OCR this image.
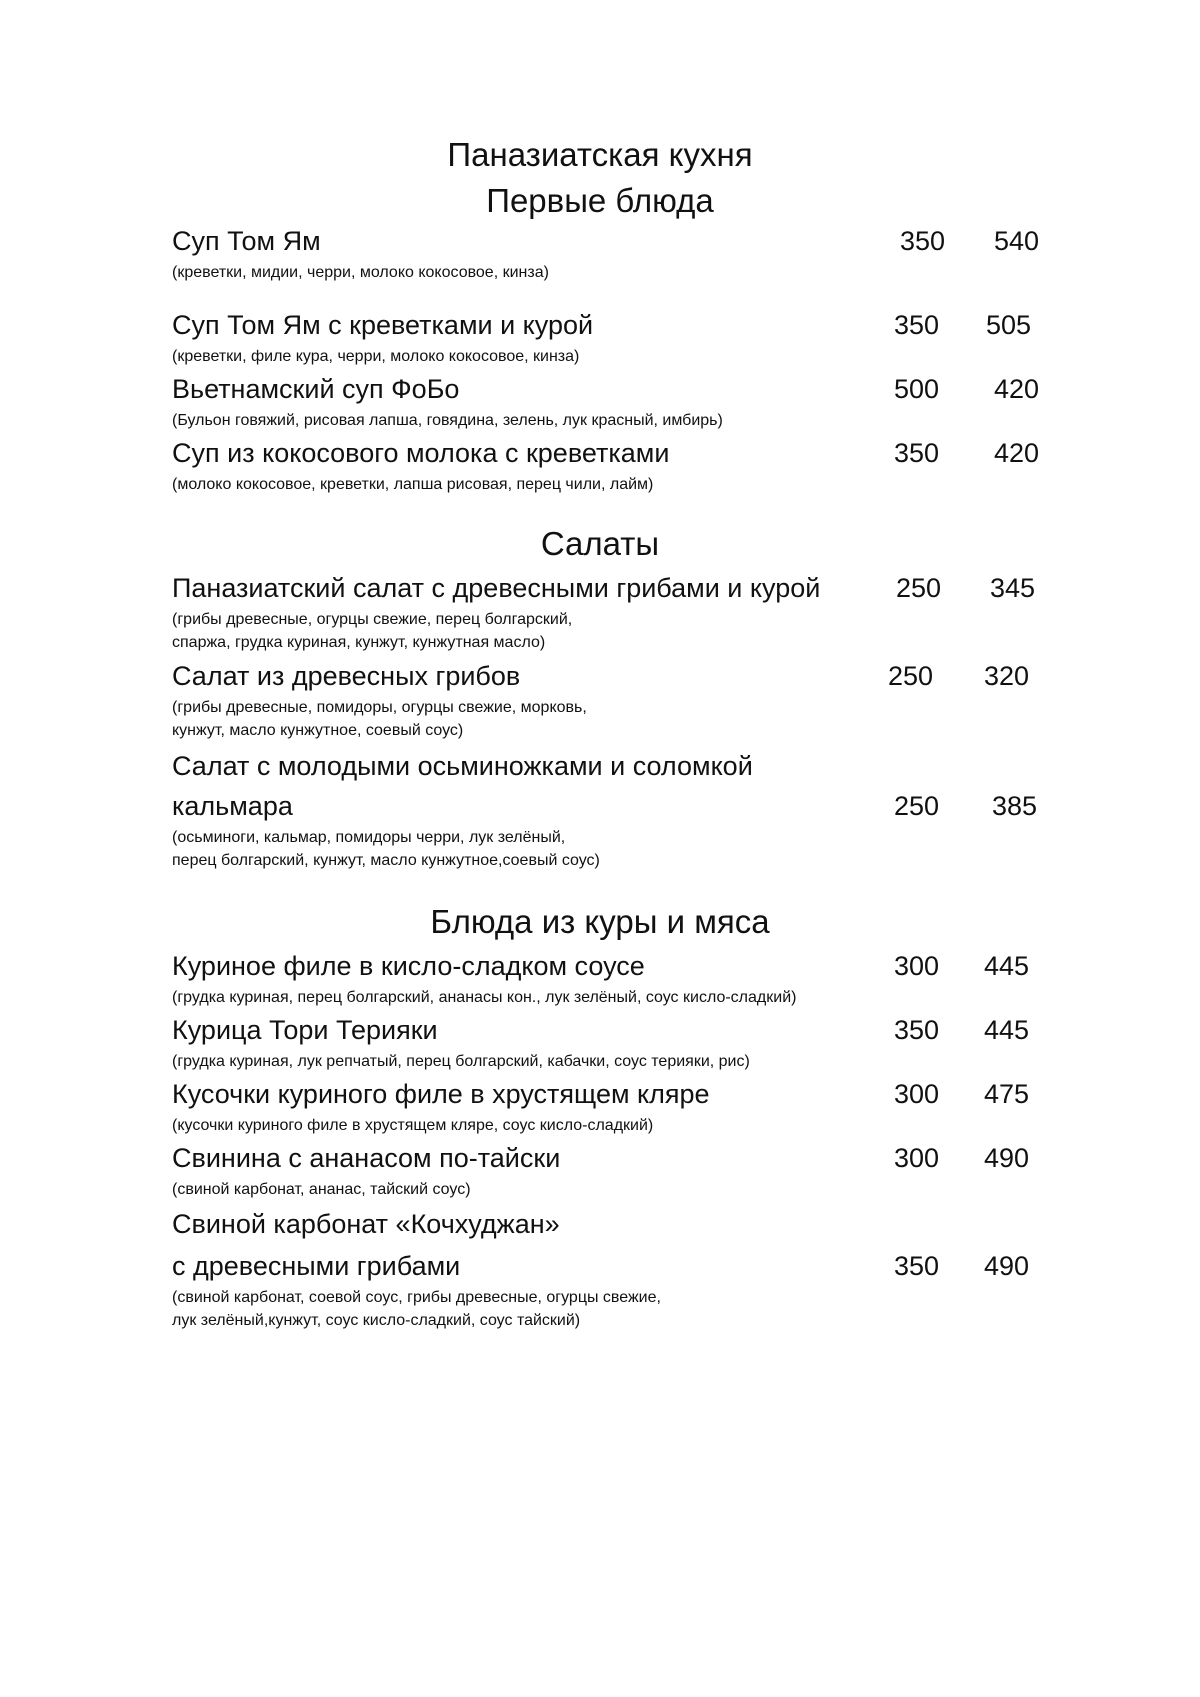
Паназиатская кухня
Первые блюда
Суп Том Ям	350 540
(креветки, мидии, черри, молоко кокосовое, кинза)
Суп Том Ям с креветками и курой	350 505
(креветки, филе кура, черри, молоко кокосовое, кинза)
Вьетнамский суп ФоБо	500 420
(Бульон говяжий, рисовая лапша, говядина, зелень, лук красный, имбирь)
Суп из кокосового молока с креветками	350 420
(молоко кокосовое, креветки, лапша рисовая, перец чили, лайм)
Салаты
Паназиатский салат с древесными грибами и курой	250 345
(грибы древесные, огурцы свежие, перец болгарский,
спаржа, грудка куриная, кунжут, кунжутная масло)
Салат из древесных грибов	250 320
(грибы древесные, помидоры, огурцы свежие, морковь,
кунжут, масло кунжутное, соевый соус)
Салат с молодыми осьминожками и соломкой
кальмара	250 385
(осьминоги, кальмар, помидоры черри, лук зелёный,
перец болгарский, кунжут, масло кунжутное,соевый соус)
Блюда из куры и мяса
Куриное филе в кисло-сладком соусе	300 445
(грудка куриная, перец болгарский, ананасы кон., лук зелёный, соус кисло-сладкий)
Курица Тори Терияки	350 445
(грудка куриная, лук репчатый, перец болгарский, кабачки, соус терияки, рис)
Кусочки куриного филе в хрустящем кляре	300 475
(кусочки куриного филе в хрустящем кляре, соус кисло-сладкий)
Свинина с ананасом по-тайски	300 490
(свиной карбонат, ананас, тайский соус)
Свиной карбонат «Кочхуджан»
с древесными грибами	350 490
(свиной карбонат, соевой соус, грибы древесные, огурцы свежие,
лук зелёный,кунжут, соус кисло-сладкий, соус тайский)
